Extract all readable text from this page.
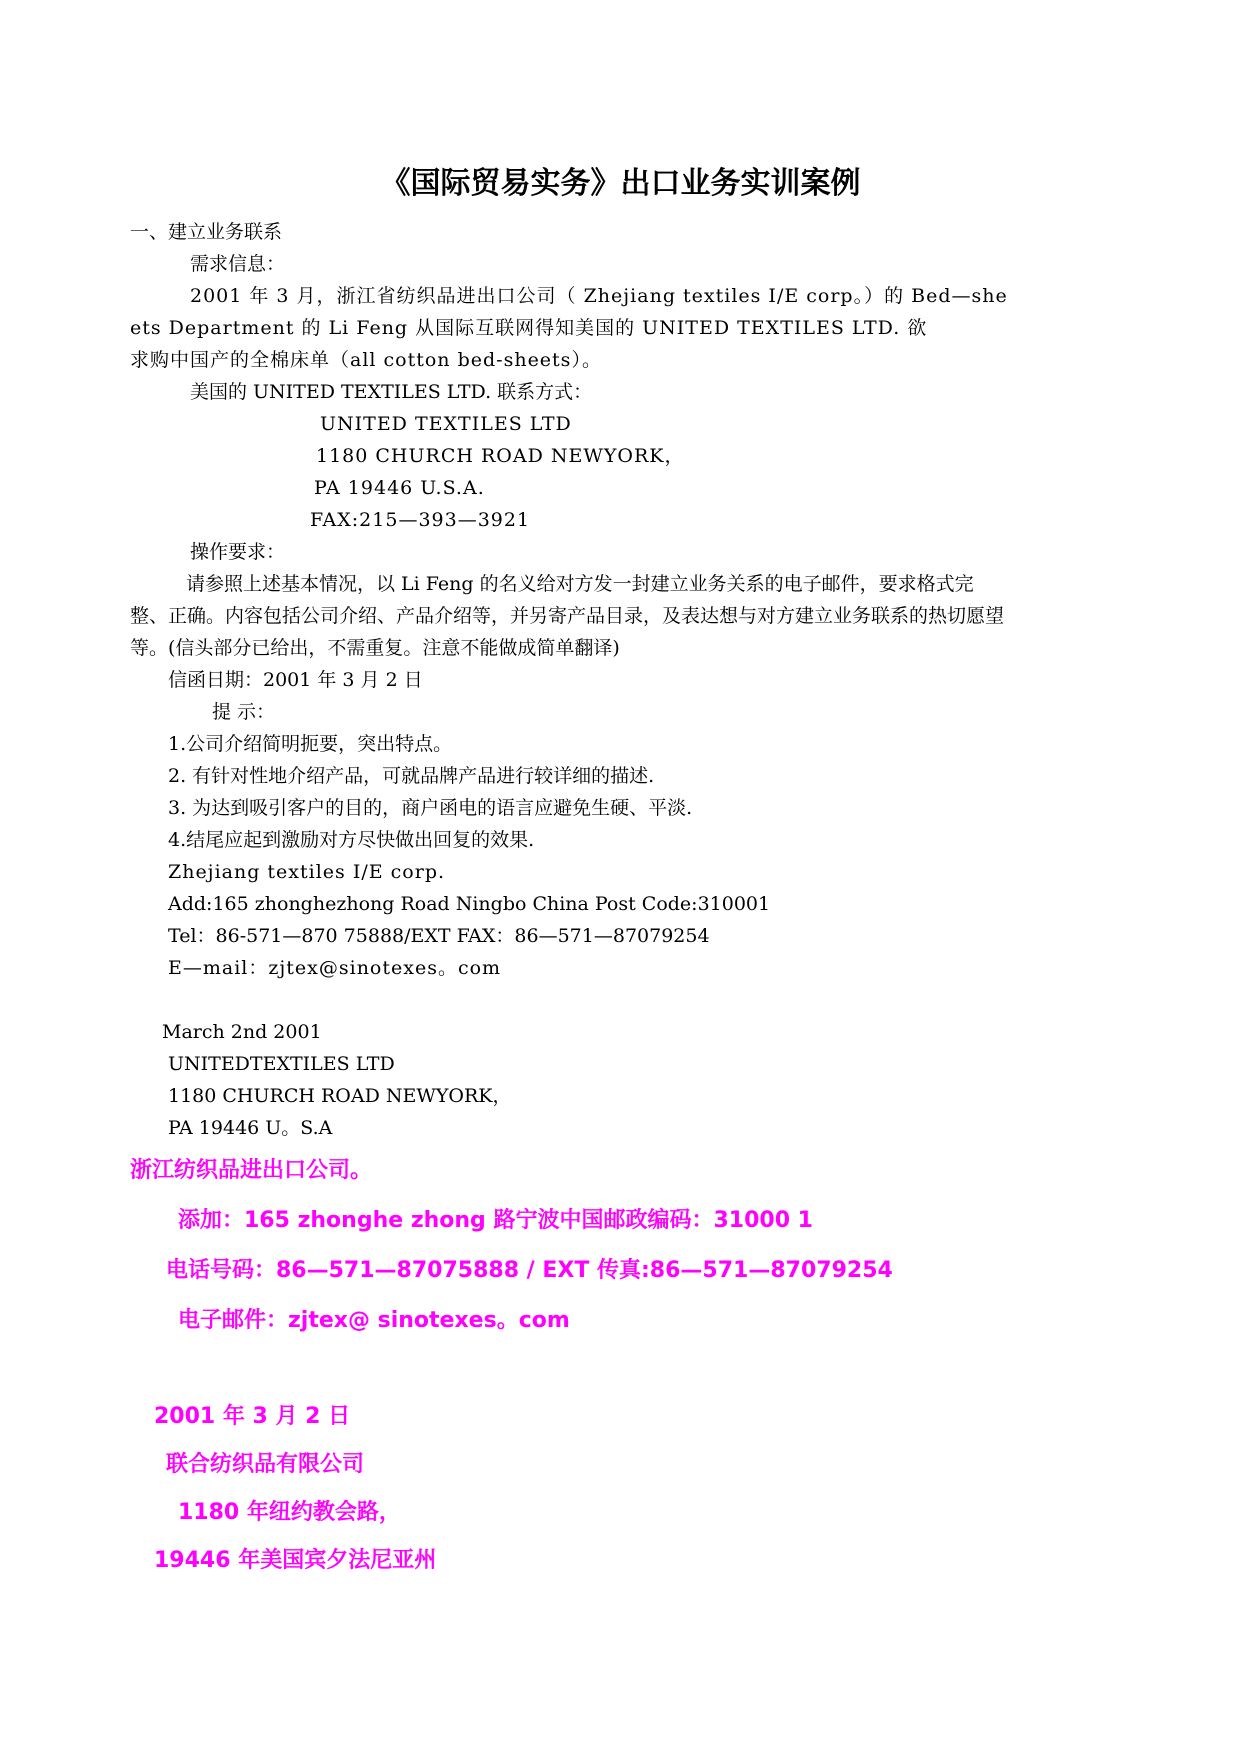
《国际贸易实务》出口业务实训案例
一、建立业务联系
需求信息：
2001 年 3 月，浙江省纺织品进出口公司（ Zhejiang textiles I/E corp。）的 Bed—she
ets Department 的 Li Feng 从国际互联网得知美国的 UNITED TEXTILES LTD. 欲
求购中国产的全棉床单（all cotton bed-sheets）。
美国的 UNITED TEXTILES LTD. 联系方式：
UNITED TEXTILES LTD
1180 CHURCH ROAD NEWYORK，
PA 19446 U.S.A.
FAX:215—393—3921
操作要求：
请参照上述基本情况，以 Li Feng 的名义给对方发一封建立业务关系的电子邮件，要求格式完
整、正确。内容包括公司介绍、产品介绍等，并另寄产品目录，及表达想与对方建立业务联系的热切愿望
等。(信头部分已给出，不需重复。注意不能做成简单翻译)
信函日期：2001 年 3 月 2 日
提 示：
1.公司介绍简明扼要，突出特点。
2. 有针对性地介绍产品，可就品牌产品进行较详细的描述.
3. 为达到吸引客户的目的，商户函电的语言应避免生硬、平淡.
4.结尾应起到激励对方尽快做出回复的效果.
Zhejiang textiles I/E corp.
Add:165 zhonghezhong Road Ningbo China Post Code:310001
Tel：86-571—870 75888/EXT FAX：86—571—87079254
E—mail：zjtex@sinotexes。com
March 2nd 2001
UNITEDTEXTILES LTD
1180 CHURCH ROAD NEWYORK，
PA 19446 U。S.A
浙江纺织品进出口公司。
添加：165 zhonghe zhong 路宁波中国邮政编码：31000 1
电话号码：86—571—87075888 / EXT 传真:86—571—87079254
电子邮件：zjtex@ sinotexes。com
2001 年 3 月 2 日
联合纺织品有限公司
1180 年纽约教会路，
19446 年美国宾夕法尼亚州
